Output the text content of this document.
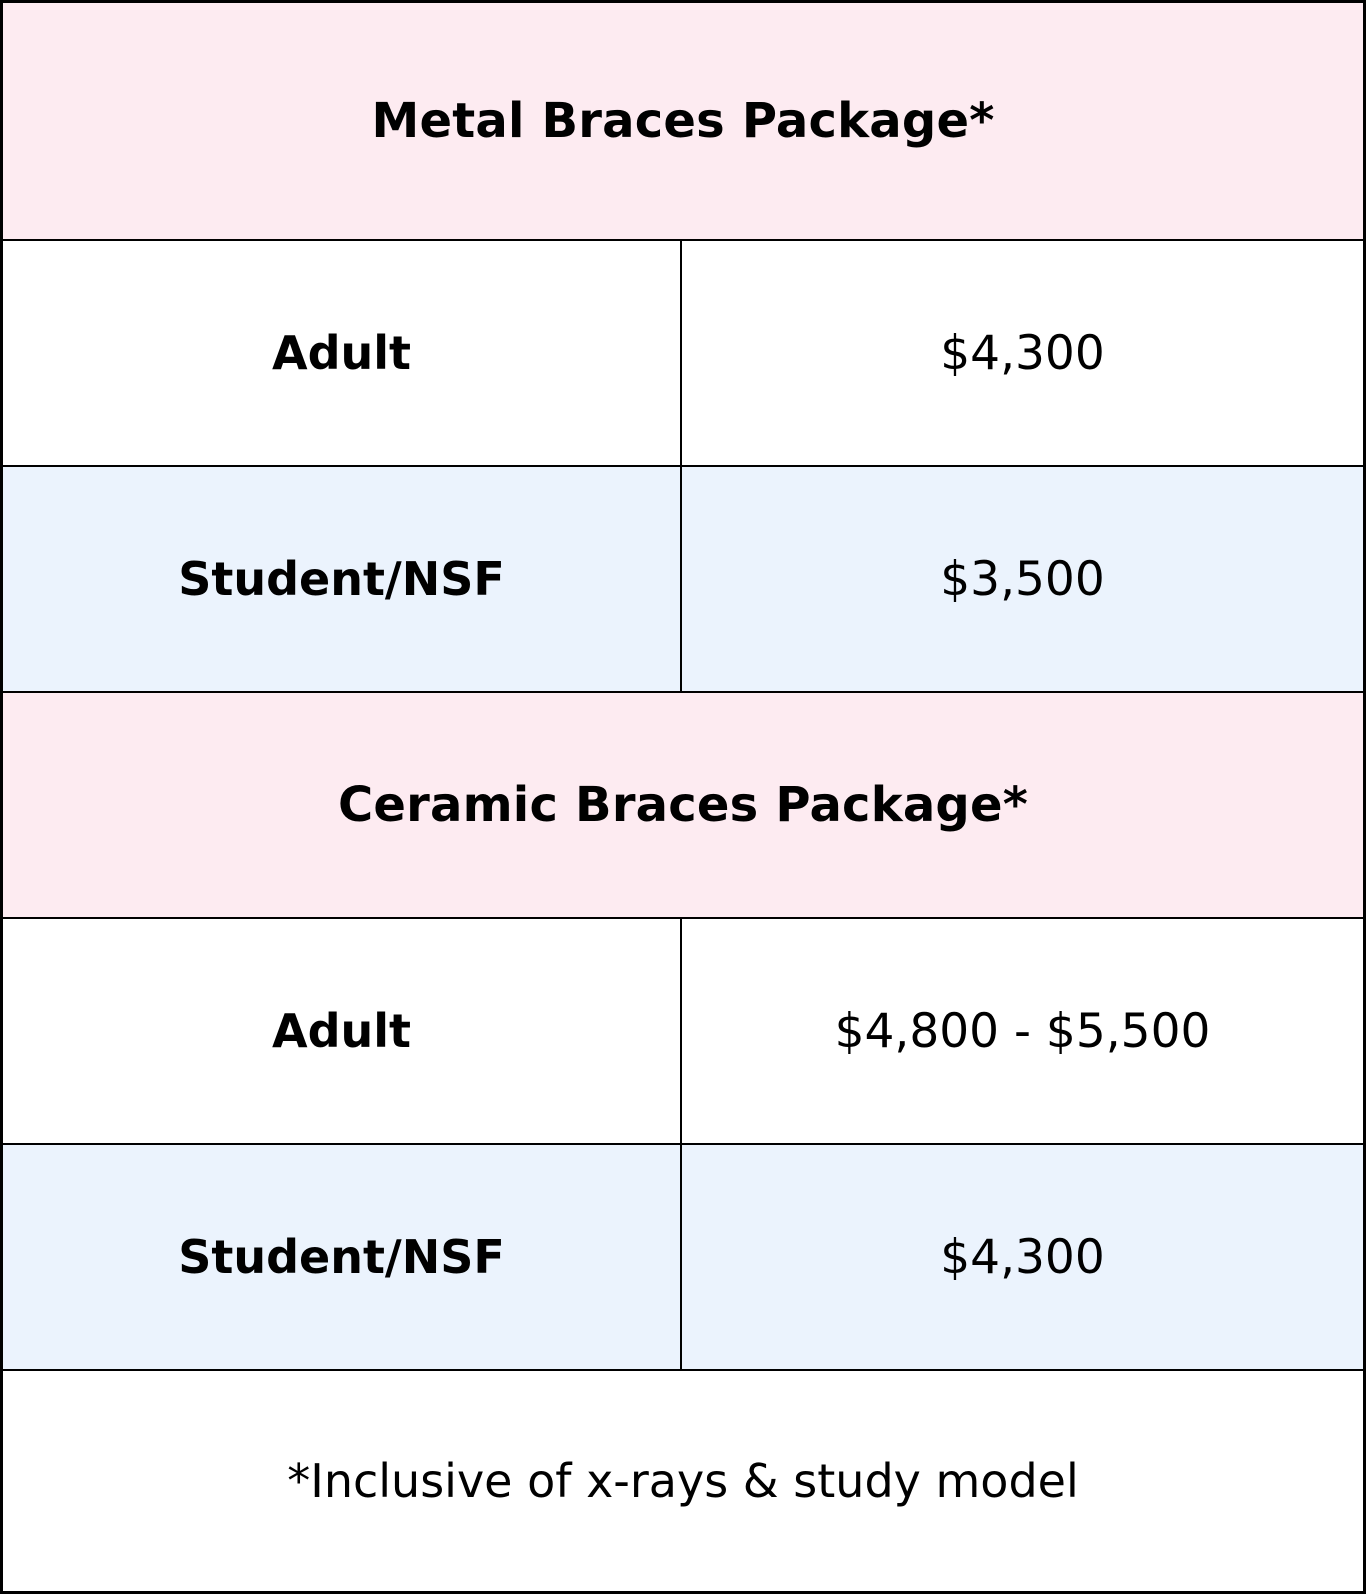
Metal Braces Package*
Adult	$4,300
Student/NSF	$3,500
Ceramic Braces Package*
Adult	$4,800 - $5,500
Student/NSF	$4,300
*Inclusive of x-rays & study model
